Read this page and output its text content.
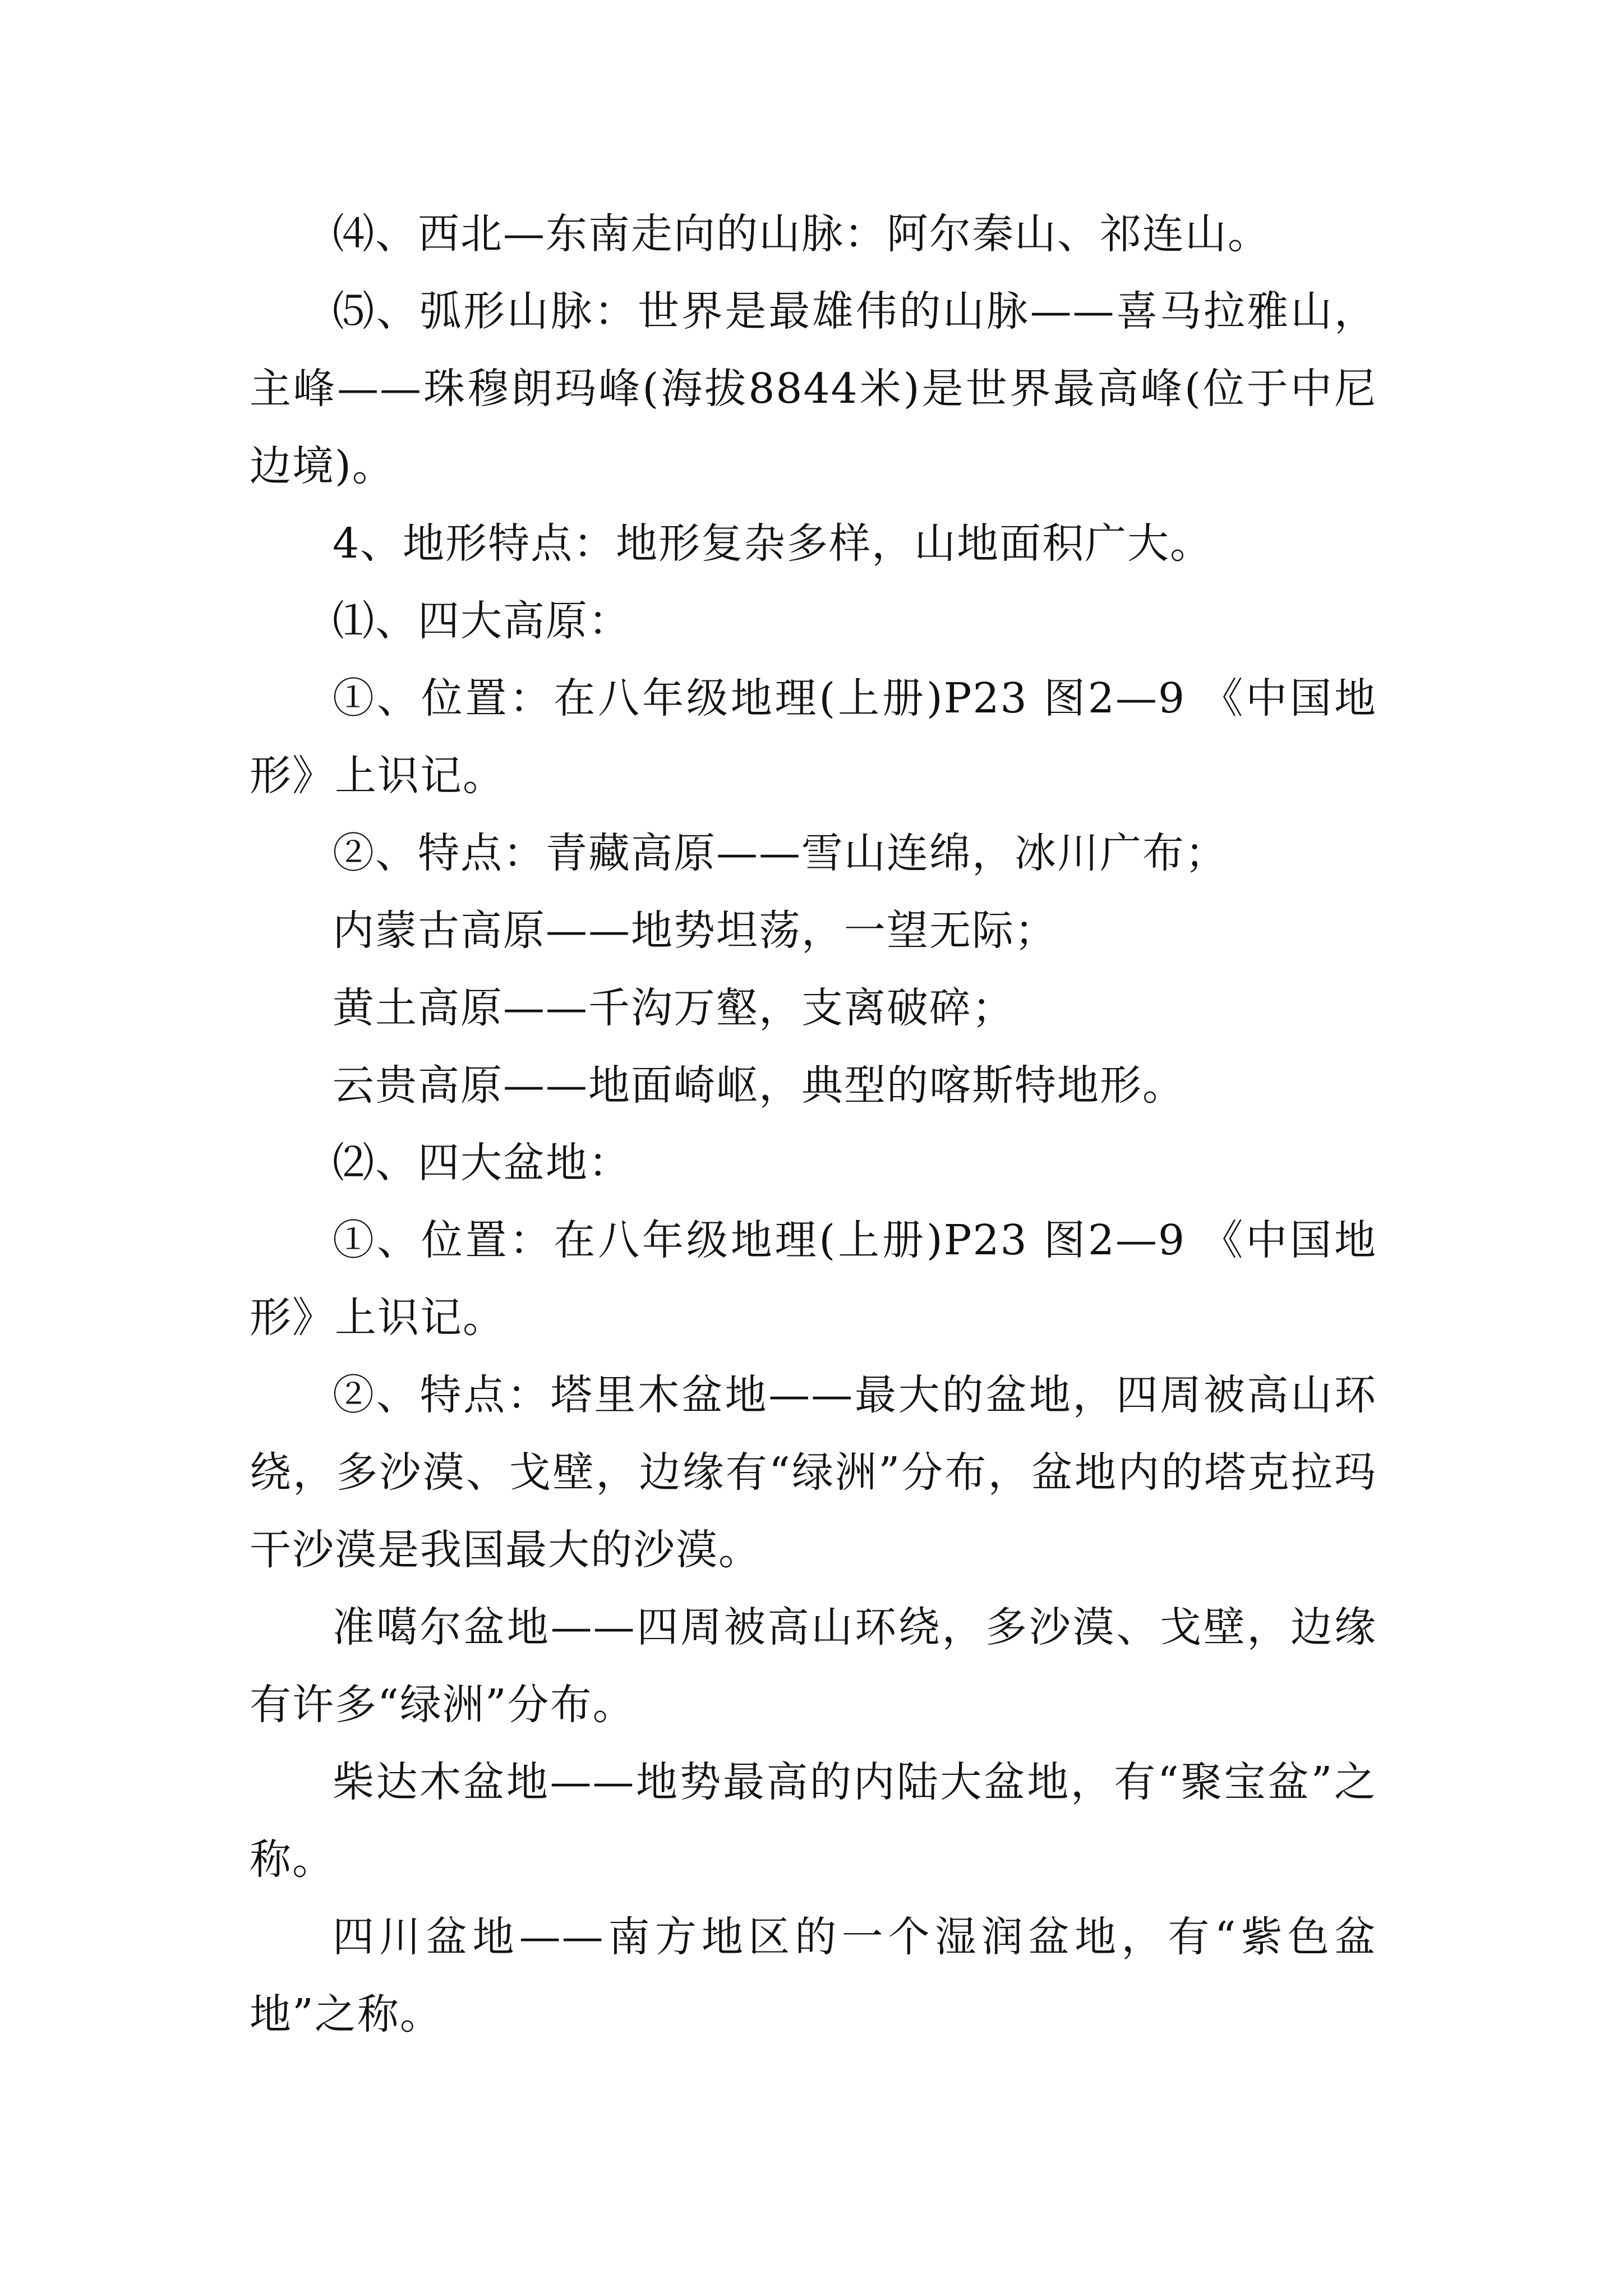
⑷、西北—东南走向的山脉：阿尔秦山、祁连山。

⑸、弧形山脉：世界是最雄伟的山脉——喜马拉雅山，主峰——珠穆朗玛峰(海拔8844米)是世界最高峰(位于中尼边境)。

4、地形特点：地形复杂多样，山地面积广大。

⑴、四大高原：

①、位置：在八年级地理(上册)P23 图2—9 《中国地形》上识记。

②、特点：青藏高原——雪山连绵，冰川广布；

内蒙古高原——地势坦荡，一望无际；

黄土高原——千沟万壑，支离破碎；

云贵高原——地面崎岖，典型的喀斯特地形。

⑵、四大盆地：

①、位置：在八年级地理(上册)P23 图2—9 《中国地形》上识记。

②、特点：塔里木盆地——最大的盆地，四周被高山环绕，多沙漠、戈壁，边缘有“绿洲”分布，盆地内的塔克拉玛干沙漠是我国最大的沙漠。

准噶尔盆地——四周被高山环绕，多沙漠、戈壁，边缘有许多“绿洲”分布。

柴达木盆地——地势最高的内陆大盆地，有“聚宝盆”之称。

四川盆地——南方地区的一个湿润盆地，有“紫色盆地”之称。
